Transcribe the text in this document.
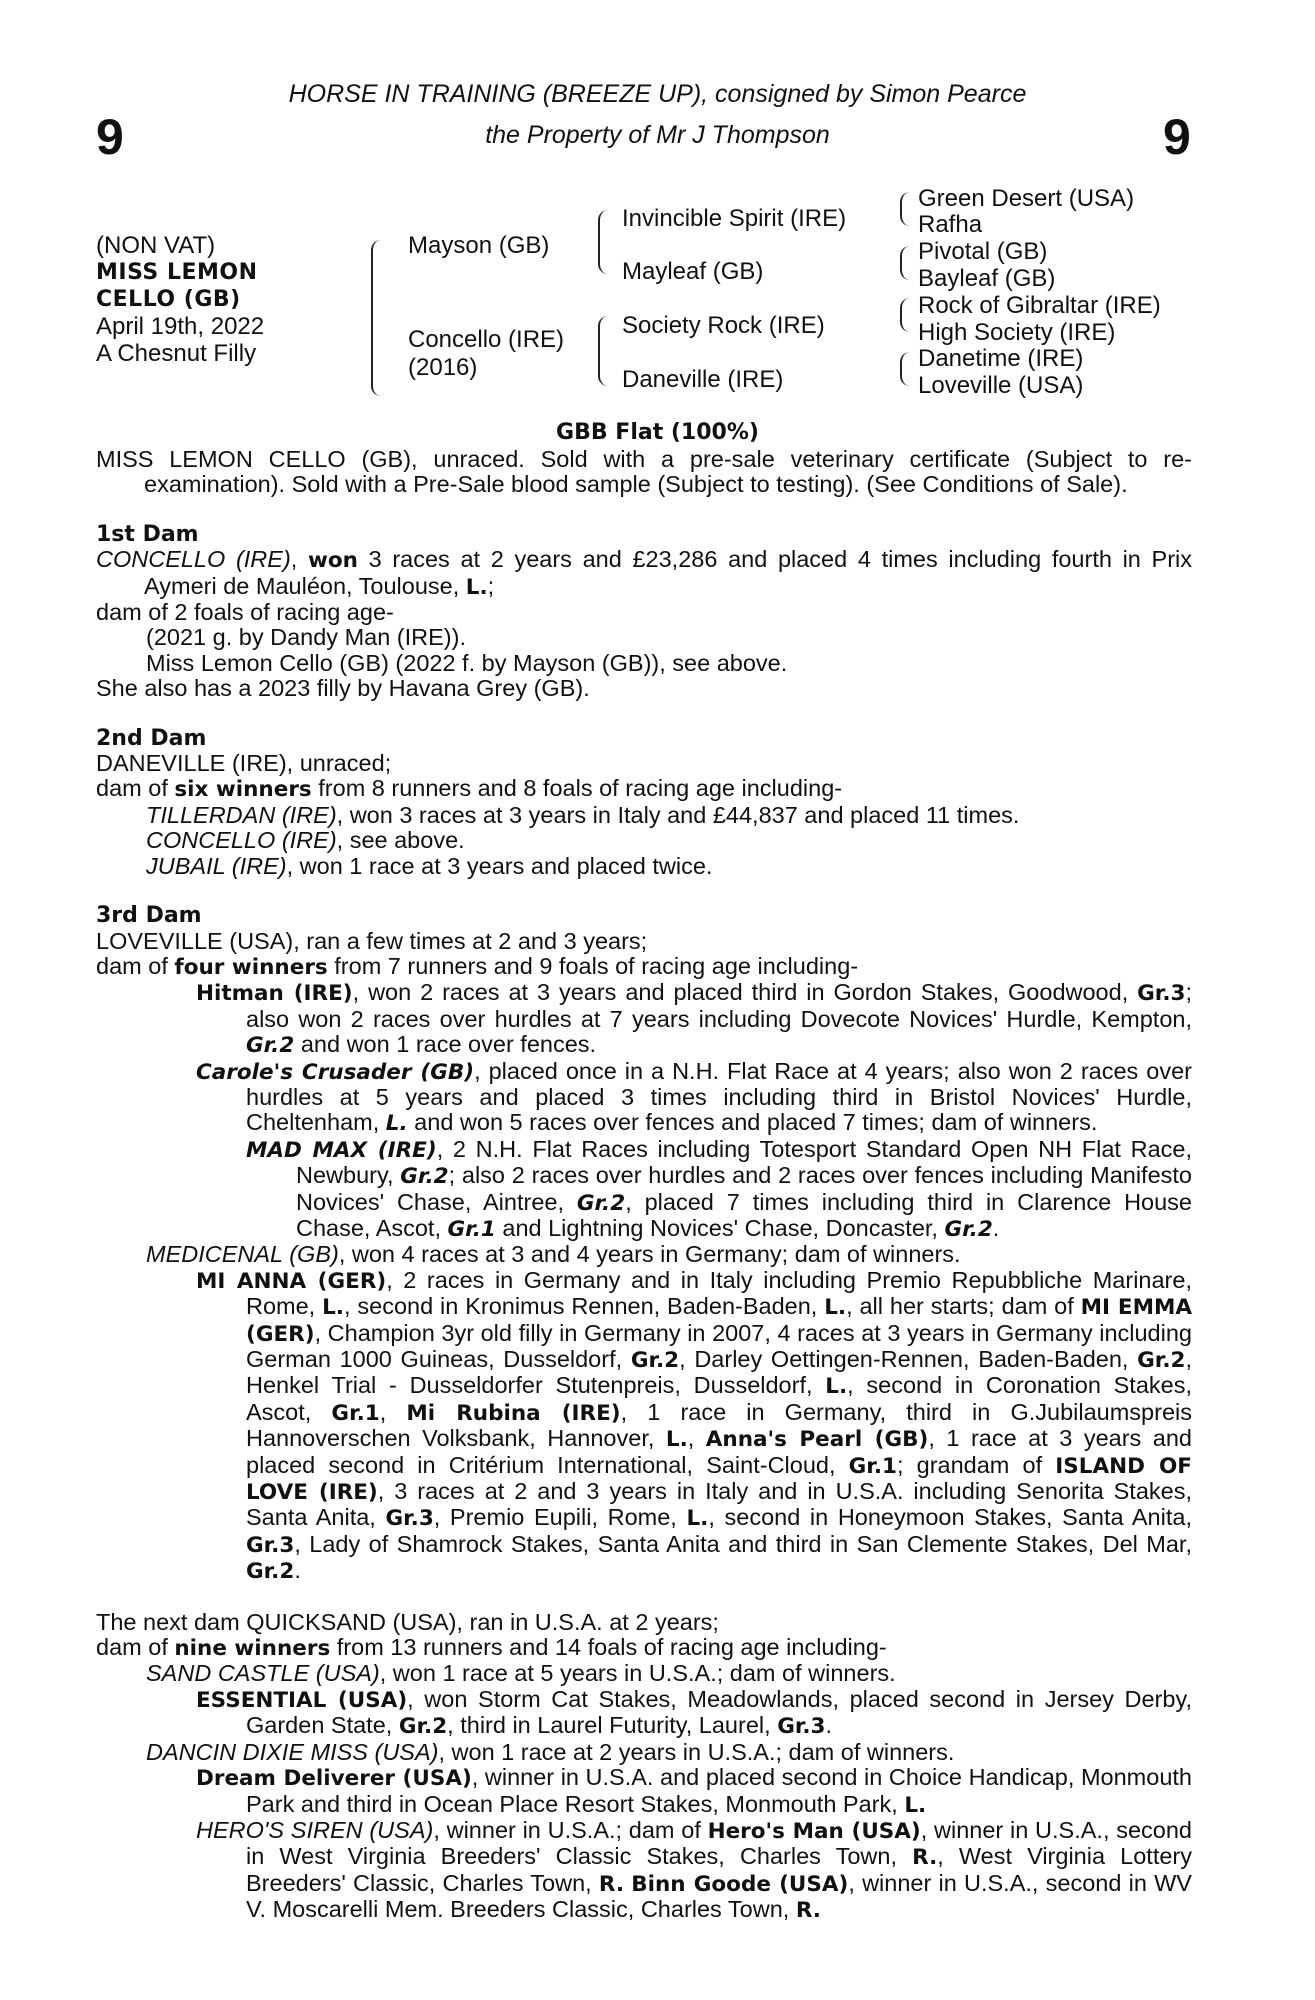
9	9
HORSE IN TRAINING (BREEZE UP), consigned by Simon Pearce
the Property of Mr J Thompson
(NON VAT)
MISS LEMON
CELLO (GB)
April 19th, 2022
A Chesnut Filly
Mayson (GB)
Concello (IRE)
(2016)
Invincible Spirit (IRE)
Mayleaf (GB)
Society Rock (IRE)
Daneville (IRE)
Green Desert (USA)
Rafha
Pivotal (GB)
Bayleaf (GB)
Rock of Gibraltar (IRE)
High Society (IRE)
Danetime (IRE)
Loveville (USA)
GBB Flat (100%)

MISS LEMON CELLO (GB), unraced. Sold with a pre-sale veterinary certificate (Subject to re-examination). Sold with a Pre-Sale blood sample (Subject to testing). (See Conditions of Sale).

1st Dam

CONCELLO (IRE), won 3 races at 2 years and £23,286 and placed 4 times including fourth in Prix Aymeri de Mauléon, Toulouse, L.;

dam of 2 foals of racing age-

(2021 g. by Dandy Man (IRE)).

Miss Lemon Cello (GB) (2022 f. by Mayson (GB)), see above.

She also has a 2023 filly by Havana Grey (GB).

2nd Dam

DANEVILLE (IRE), unraced;

dam of six winners from 8 runners and 8 foals of racing age including-

TILLERDAN (IRE), won 3 races at 3 years in Italy and £44,837 and placed 11 times.

CONCELLO (IRE), see above.

JUBAIL (IRE), won 1 race at 3 years and placed twice.

3rd Dam

LOVEVILLE (USA), ran a few times at 2 and 3 years;

dam of four winners from 7 runners and 9 foals of racing age including-

Hitman (IRE), won 2 races at 3 years and placed third in Gordon Stakes, Goodwood, Gr.3; also won 2 races over hurdles at 7 years including Dovecote Novices' Hurdle, Kempton, Gr.2 and won 1 race over fences.

Carole's Crusader (GB), placed once in a N.H. Flat Race at 4 years; also won 2 races over hurdles at 5 years and placed 3 times including third in Bristol Novices' Hurdle, Cheltenham, L. and won 5 races over fences and placed 7 times; dam of winners.

MAD MAX (IRE), 2 N.H. Flat Races including Totesport Standard Open NH Flat Race, Newbury, Gr.2; also 2 races over hurdles and 2 races over fences including Manifesto Novices' Chase, Aintree, Gr.2, placed 7 times including third in Clarence House Chase, Ascot, Gr.1 and Lightning Novices' Chase, Doncaster, Gr.2.

MEDICENAL (GB), won 4 races at 3 and 4 years in Germany; dam of winners.

MI ANNA (GER), 2 races in Germany and in Italy including Premio Repubbliche Marinare, Rome, L., second in Kronimus Rennen, Baden-Baden, L., all her starts; dam of MI EMMA (GER), Champion 3yr old filly in Germany in 2007, 4 races at 3 years in Germany including German 1000 Guineas, Dusseldorf, Gr.2, Darley Oettingen-Rennen, Baden-Baden, Gr.2, Henkel Trial - Dusseldorfer Stutenpreis, Dusseldorf, L., second in Coronation Stakes, Ascot, Gr.1, Mi Rubina (IRE), 1 race in Germany, third in G.Jubilaumspreis Hannoverschen Volksbank, Hannover, L., Anna's Pearl (GB), 1 race at 3 years and placed second in Critérium International, Saint-Cloud, Gr.1; grandam of ISLAND OF LOVE (IRE), 3 races at 2 and 3 years in Italy and in U.S.A. including Senorita Stakes, Santa Anita, Gr.3, Premio Eupili, Rome, L., second in Honeymoon Stakes, Santa Anita, Gr.3, Lady of Shamrock Stakes, Santa Anita and third in San Clemente Stakes, Del Mar, Gr.2.

The next dam QUICKSAND (USA), ran in U.S.A. at 2 years;

dam of nine winners from 13 runners and 14 foals of racing age including-

SAND CASTLE (USA), won 1 race at 5 years in U.S.A.; dam of winners.

ESSENTIAL (USA), won Storm Cat Stakes, Meadowlands, placed second in Jersey Derby, Garden State, Gr.2, third in Laurel Futurity, Laurel, Gr.3.

DANCIN DIXIE MISS (USA), won 1 race at 2 years in U.S.A.; dam of winners.

Dream Deliverer (USA), winner in U.S.A. and placed second in Choice Handicap, Monmouth Park and third in Ocean Place Resort Stakes, Monmouth Park, L.

HERO'S SIREN (USA), winner in U.S.A.; dam of Hero's Man (USA), winner in U.S.A., second in West Virginia Breeders' Classic Stakes, Charles Town, R., West Virginia Lottery Breeders' Classic, Charles Town, R. Binn Goode (USA), winner in U.S.A., second in WV V. Moscarelli Mem. Breeders Classic, Charles Town, R.
